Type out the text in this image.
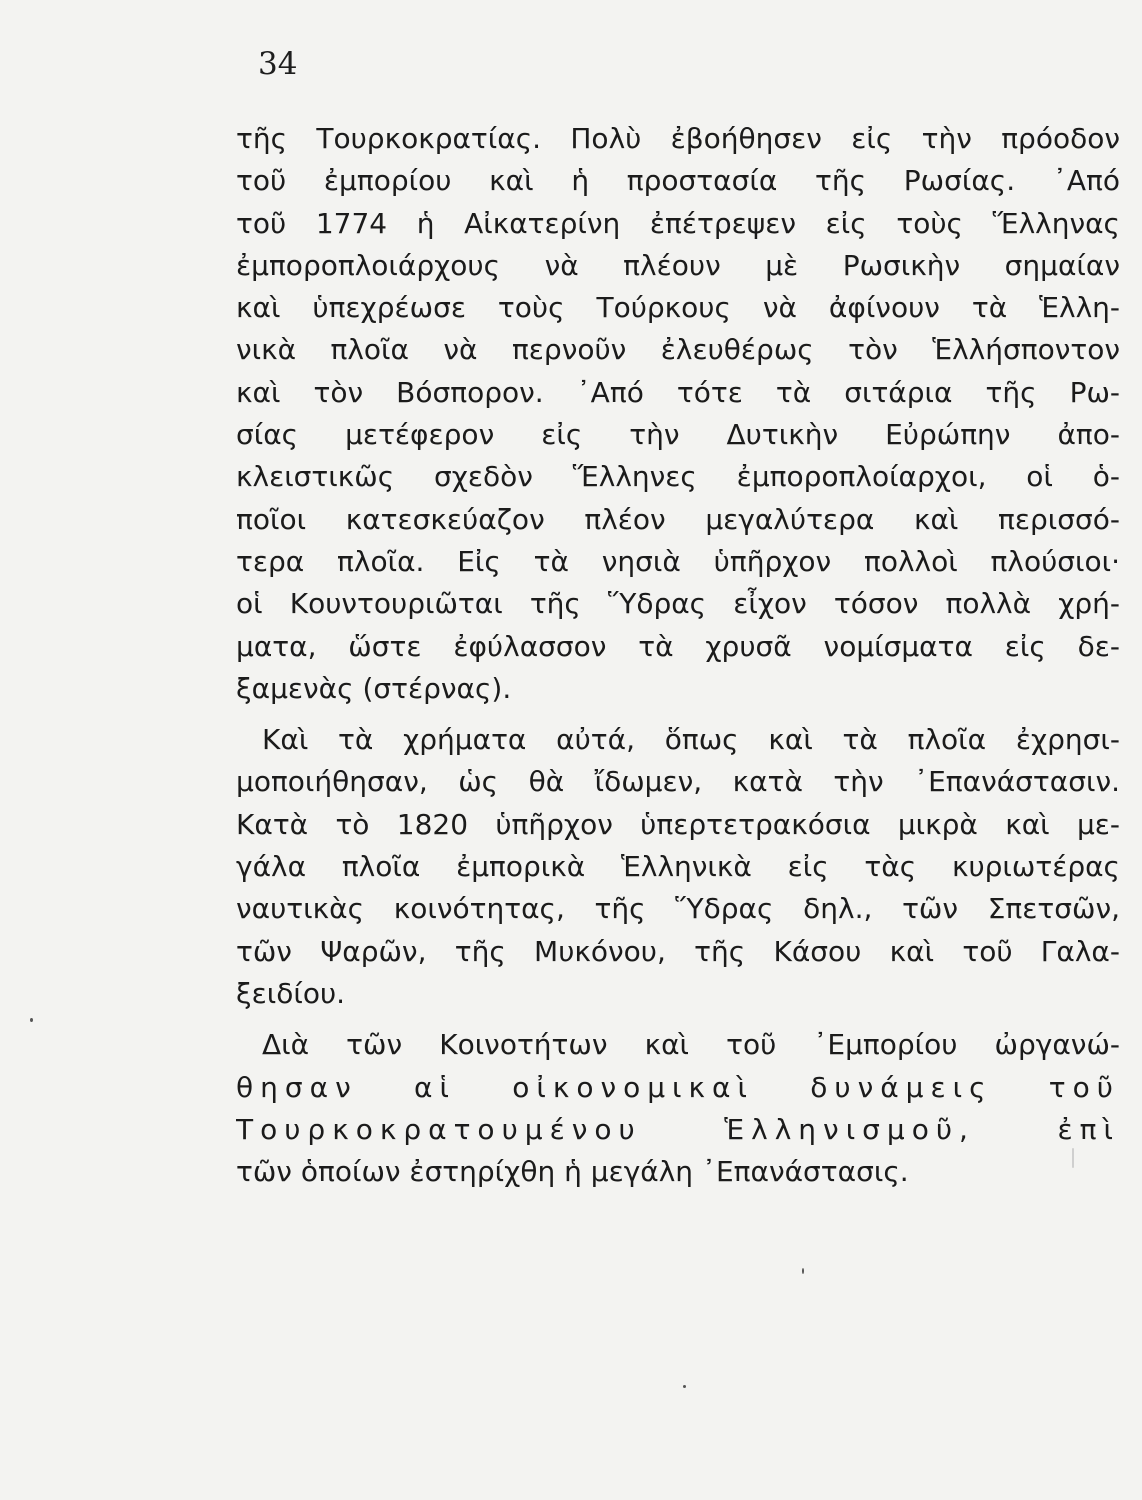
34
τῆς Τουρκοκρατίας. Πολὺ ἐβοήθησεν εἰς τὴν πρόοδον
τοῦ ἐμπορίου καὶ ἡ προστασία τῆς Ρωσίας. ᾿Από
τοῦ 1774 ἡ Αἰκατερίνη ἐπέτρεψεν εἰς τοὺς Ἕλληνας
ἐμποροπλοιάρχους νὰ πλέουν μὲ Ρωσικὴν σημαίαν
καὶ ὑπεχρέωσε τοὺς Τούρκους νὰ ἀφίνουν τὰ Ἑλλη-
νικὰ πλοῖα νὰ περνοῦν ἐλευθέρως τὸν Ἑλλήσποντον
καὶ τὸν Βόσπορον. ᾿Από τότε τὰ σιτάρια τῆς Ρω-
σίας μετέφερον εἰς τὴν Δυτικὴν Εὐρώπην ἀπο-
κλειστικῶς σχεδὸν Ἕλληνες ἐμποροπλοίαρχοι, οἱ ὁ-
ποῖοι κατεσκεύαζον πλέον μεγαλύτερα καὶ περισσό-
τερα πλοῖα. Εἰς τὰ νησιὰ ὑπῆρχον πολλοὶ πλούσιοι·
οἱ Κουντουριῶται τῆς Ὕδρας εἶχον τόσον πολλὰ χρή-
ματα, ὥστε ἐφύλασσον τὰ χρυσᾶ νομίσματα εἰς δε-
ξαμενὰς (στέρνας).
Καὶ τὰ χρήματα αὐτά, ὅπως καὶ τὰ πλοῖα ἐχρησι-
μοποιήθησαν, ὡς θὰ ἴδωμεν, κατὰ τὴν ᾿Επανάστασιν.
Κατὰ τὸ 1820 ὑπῆρχον ὑπερτετρακόσια μικρὰ καὶ με-
γάλα πλοῖα ἐμπορικὰ Ἑλληνικὰ εἰς τὰς κυριωτέρας
ναυτικὰς κοινότητας, τῆς Ὕδρας δηλ., τῶν Σπετσῶν,
τῶν Ψαρῶν, τῆς Μυκόνου, τῆς Κάσου καὶ τοῦ Γαλα-
ξειδίου.
Διὰ τῶν Κοινοτήτων καὶ τοῦ ᾿Εμπορίου ὠργανώ-
θησαν αἱ οἰκονομικαὶ δυνάμεις τοῦ
Τουρκοκρατουμένου Ἑλληνισμοῦ, ἐπὶ
τῶν ὁποίων ἐστηρίχθη ἡ μεγάλη ᾿Επανάστασις.
